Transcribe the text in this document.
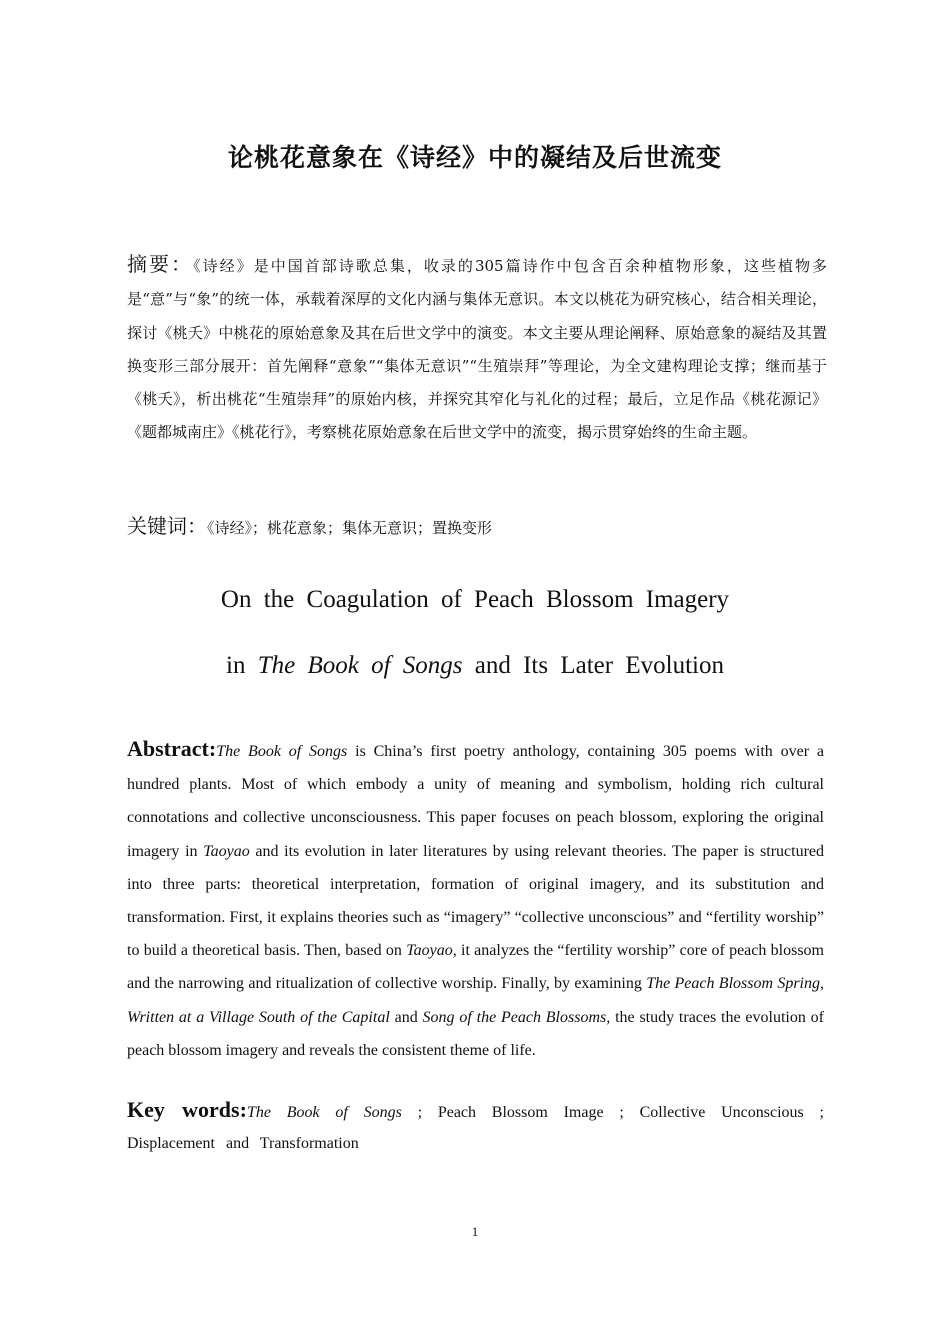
论桃花意象在《诗经》中的凝结及后世流变
摘要：《诗经》是中国首部诗歌总集，收录的305篇诗作中包含百余种植物形象，这些植物多是“意”与“象”的统一体，承载着深厚的文化内涵与集体无意识。本文以桃花为研究核心，结合相关理论，探讨《桃夭》中桃花的原始意象及其在后世文学中的演变。本文主要从理论阐释、原始意象的凝结及其置换变形三部分展开：首先阐释“意象”“集体无意识”“生殖崇拜”等理论，为全文建构理论支撑；继而基于《桃夭》，析出桃花“生殖崇拜”的原始内核，并探究其窄化与礼化的过程；最后，立足作品《桃花源记》《题都城南庄》《桃花行》，考察桃花原始意象在后世文学中的流变，揭示贯穿始终的生命主题。
关键词：《诗经》；桃花意象；集体无意识；置换变形
On the Coagulation of Peach Blossom Imagery
in The Book of Songs and Its Later Evolution
Abstract:The Book of Songs is China’s first poetry anthology, containing 305 poems with over a hundred plants. Most of which embody a unity of meaning and symbolism, holding rich cultural connotations and collective unconsciousness. This paper focuses on peach blossom, exploring the original imagery in Taoyao and its evolution in later literatures by using relevant theories. The paper is structured into three parts: theoretical interpretation, formation of original imagery, and its substitution and transformation. First, it explains theories such as “imagery” “collective unconscious” and “fertility worship” to build a theoretical basis. Then, based on Taoyao, it analyzes the “fertility worship” core of peach blossom and the narrowing and ritualization of collective worship. Finally, by examining The Peach Blossom Spring, Written at a Village South of the Capital and Song of the Peach Blossoms, the study traces the evolution of peach blossom imagery and reveals the consistent theme of life.
Key words:The Book of Songs ; Peach Blossom Image ; Collective Unconscious ; Displacement and Transformation
1
